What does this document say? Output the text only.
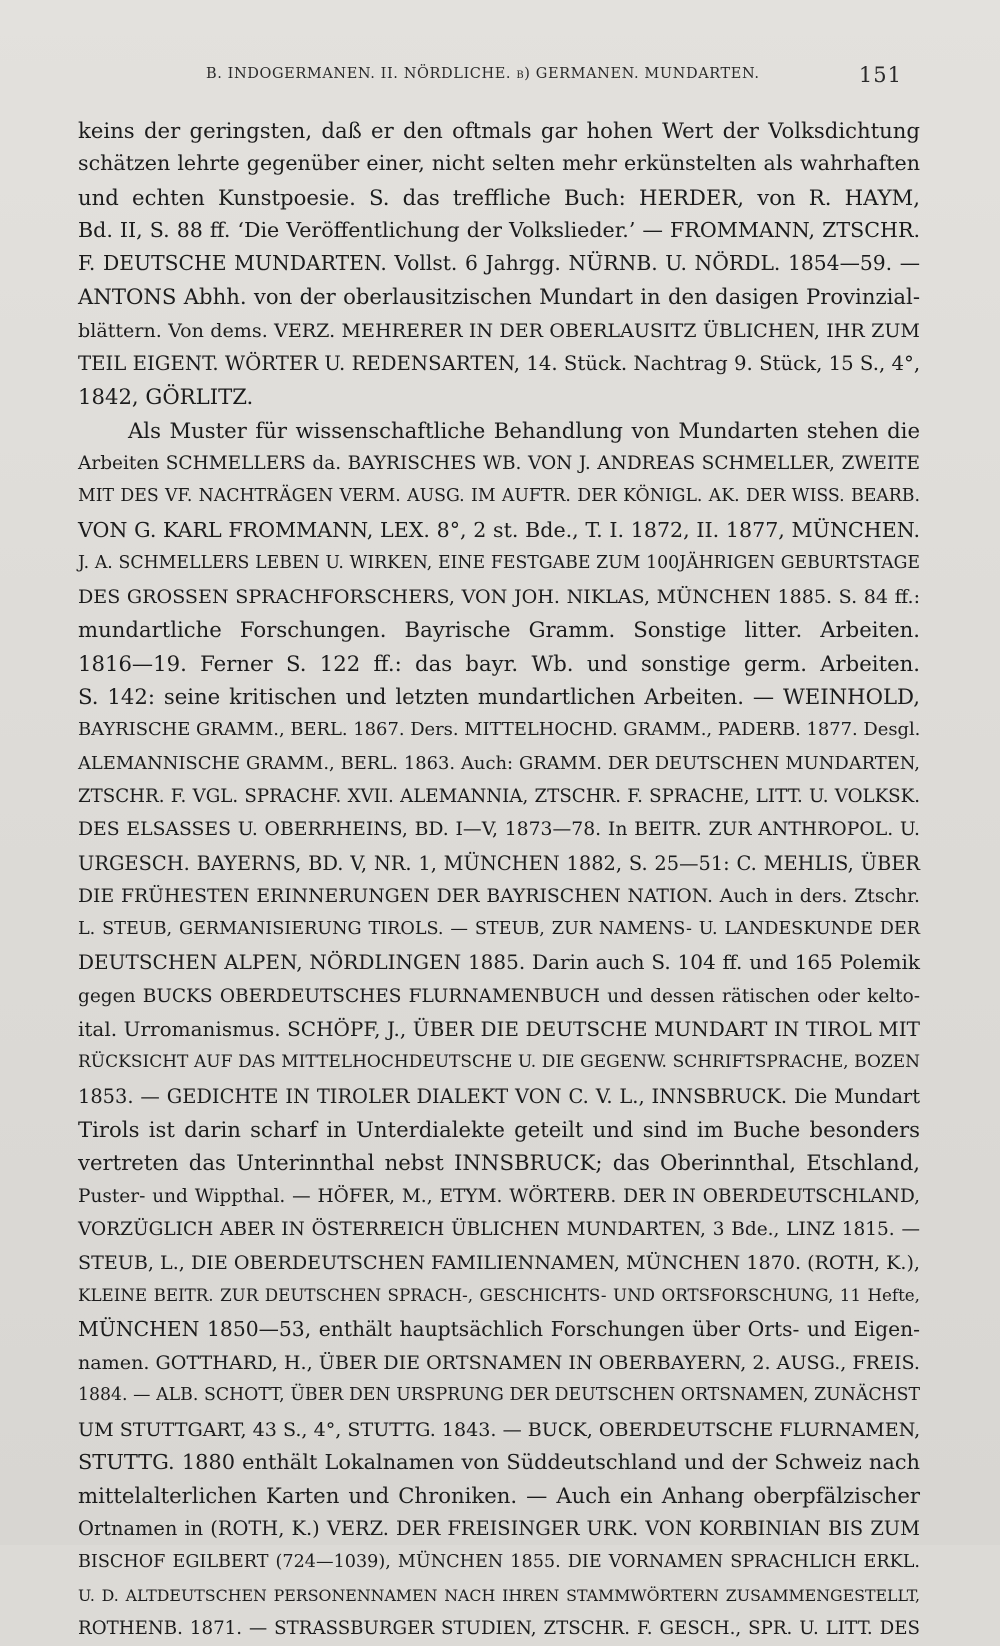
B. INDOGERMANEN. II. NÖRDLICHE. b) GERMANEN. MUNDARTEN.	151
keins der geringsten, daß er den oftmals gar hohen Wert der Volksdichtung
schätzen lehrte gegenüber einer, nicht selten mehr erkünstelten als wahrhaften
und echten Kunstpoesie. S. das treffliche Buch: HERDER, von R. HAYM,
Bd. II, S. 88 ff. ‘Die Veröffentlichung der Volkslieder.’ — FROMMANN, ZTSCHR.
F. DEUTSCHE MUNDARTEN. Vollst. 6 Jahrgg. NÜRNB. U. NÖRDL. 1854—59. —
ANTONS Abhh. von der oberlausitzischen Mundart in den dasigen Provinzial-
blättern. Von dems. VERZ. MEHRERER IN DER OBERLAUSITZ ÜBLICHEN, IHR ZUM
TEIL EIGENT. WÖRTER U. REDENSARTEN, 14. Stück. Nachtrag 9. Stück, 15 S., 4°,
1842, GÖRLITZ.
Als Muster für wissenschaftliche Behandlung von Mundarten stehen die
Arbeiten SCHMELLERS da. BAYRISCHES WB. VON J. ANDREAS SCHMELLER, ZWEITE
MIT DES VF. NACHTRÄGEN VERM. AUSG. IM AUFTR. DER KÖNIGL. AK. DER WISS. BEARB.
VON G. KARL FROMMANN, LEX. 8°, 2 st. Bde., T. I. 1872, II. 1877, MÜNCHEN.
J. A. SCHMELLERS LEBEN U. WIRKEN, EINE FESTGABE ZUM 100JÄHRIGEN GEBURTSTAGE
DES GROSSEN SPRACHFORSCHERS, VON JOH. NIKLAS, MÜNCHEN 1885. S. 84 ff.:
mundartliche Forschungen. Bayrische Gramm. Sonstige litter. Arbeiten.
1816—19. Ferner S. 122 ff.: das bayr. Wb. und sonstige germ. Arbeiten.
S. 142: seine kritischen und letzten mundartlichen Arbeiten. — WEINHOLD,
BAYRISCHE GRAMM., BERL. 1867. Ders. MITTELHOCHD. GRAMM., PADERB. 1877. Desgl.
ALEMANNISCHE GRAMM., BERL. 1863. Auch: GRAMM. DER DEUTSCHEN MUNDARTEN,
ZTSCHR. F. VGL. SPRACHF. XVII. ALEMANNIA, ZTSCHR. F. SPRACHE, LITT. U. VOLKSK.
DES ELSASSES U. OBERRHEINS, BD. I—V, 1873—78. In BEITR. ZUR ANTHROPOL. U.
URGESCH. BAYERNS, BD. V, NR. 1, MÜNCHEN 1882, S. 25—51: C. MEHLIS, ÜBER
DIE FRÜHESTEN ERINNERUNGEN DER BAYRISCHEN NATION. Auch in ders. Ztschr.
L. STEUB, GERMANISIERUNG TIROLS. — STEUB, ZUR NAMENS- U. LANDESKUNDE DER
DEUTSCHEN ALPEN, NÖRDLINGEN 1885. Darin auch S. 104 ff. und 165 Polemik
gegen BUCKS OBERDEUTSCHES FLURNAMENBUCH und dessen rätischen oder kelto-
ital. Urromanismus. SCHÖPF, J., ÜBER DIE DEUTSCHE MUNDART IN TIROL MIT
RÜCKSICHT AUF DAS MITTELHOCHDEUTSCHE U. DIE GEGENW. SCHRIFTSPRACHE, BOZEN
1853. — GEDICHTE IN TIROLER DIALEKT VON C. V. L., INNSBRUCK. Die Mundart
Tirols ist darin scharf in Unterdialekte geteilt und sind im Buche besonders
vertreten das Unterinnthal nebst INNSBRUCK; das Oberinnthal, Etschland,
Puster- und Wippthal. — HÖFER, M., ETYM. WÖRTERB. DER IN OBERDEUTSCHLAND,
VORZÜGLICH ABER IN ÖSTERREICH ÜBLICHEN MUNDARTEN, 3 Bde., LINZ 1815. —
STEUB, L., DIE OBERDEUTSCHEN FAMILIENNAMEN, MÜNCHEN 1870. (ROTH, K.),
KLEINE BEITR. ZUR DEUTSCHEN SPRACH-, GESCHICHTS- UND ORTSFORSCHUNG, 11 Hefte,
MÜNCHEN 1850—53, enthält hauptsächlich Forschungen über Orts- und Eigen-
namen. GOTTHARD, H., ÜBER DIE ORTSNAMEN IN OBERBAYERN, 2. AUSG., FREIS.
1884. — ALB. SCHOTT, ÜBER DEN URSPRUNG DER DEUTSCHEN ORTSNAMEN, ZUNÄCHST
UM STUTTGART, 43 S., 4°, STUTTG. 1843. — BUCK, OBERDEUTSCHE FLURNAMEN,
STUTTG. 1880 enthält Lokalnamen von Süddeutschland und der Schweiz nach
mittelalterlichen Karten und Chroniken. — Auch ein Anhang oberpfälzischer
Ortnamen in (ROTH, K.) VERZ. DER FREISINGER URK. VON KORBINIAN BIS ZUM
BISCHOF EGILBERT (724—1039), MÜNCHEN 1855. DIE VORNAMEN SPRACHLICH ERKL.
U. D. ALTDEUTSCHEN PERSONENNAMEN NACH IHREN STAMMWÖRTERN ZUSAMMENGESTELLT,
ROTHENB. 1871. — STRASSBURGER STUDIEN, ZTSCHR. F. GESCH., SPR. U. LITT. DES
